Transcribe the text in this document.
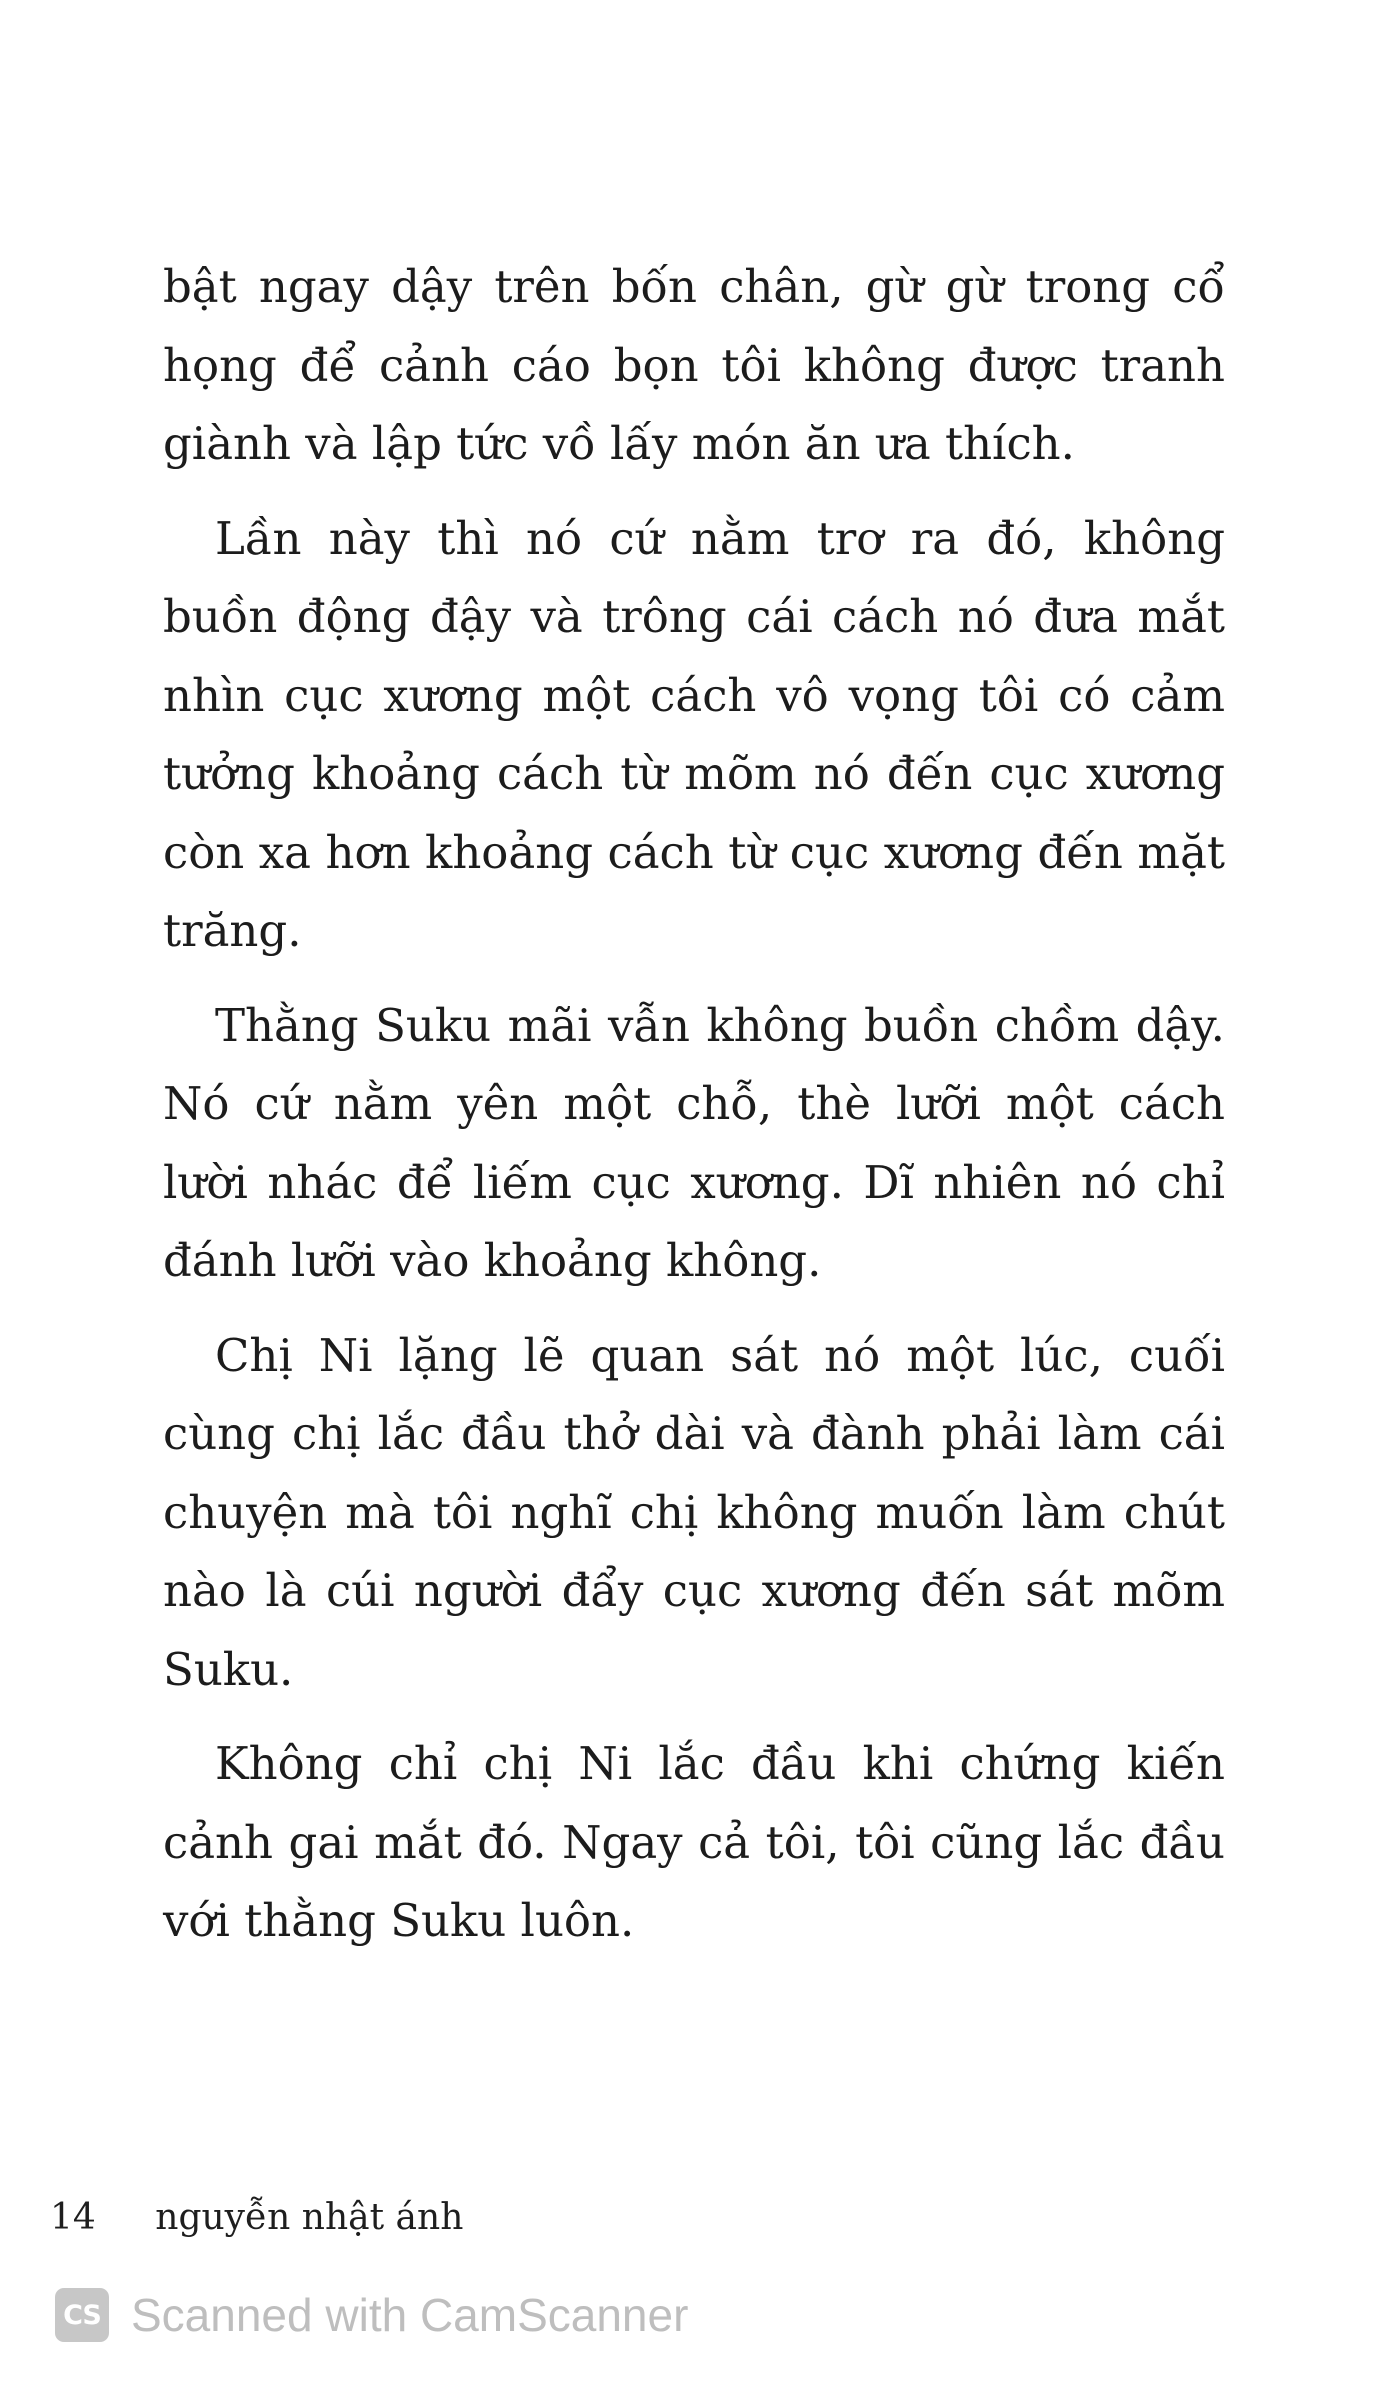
bật ngay dậy trên bốn chân, gừ gừ trong cổ họng để cảnh cáo bọn tôi không được tranh giành và lập tức vồ lấy món ăn ưa thích.

Lần này thì nó cứ nằm trơ ra đó, không buồn động đậy và trông cái cách nó đưa mắt nhìn cục xương một cách vô vọng tôi có cảm tưởng khoảng cách từ mõm nó đến cục xương còn xa hơn khoảng cách từ cục xương đến mặt trăng.

Thằng Suku mãi vẫn không buồn chồm dậy. Nó cứ nằm yên một chỗ, thè lưỡi một cách lười nhác để liếm cục xương. Dĩ nhiên nó chỉ đánh lưỡi vào khoảng không.

Chị Ni lặng lẽ quan sát nó một lúc, cuối cùng chị lắc đầu thở dài và đành phải làm cái chuyện mà tôi nghĩ chị không muốn làm chút nào là cúi người đẩy cục xương đến sát mõm Suku.

Không chỉ chị Ni lắc đầu khi chứng kiến cảnh gai mắt đó. Ngay cả tôi, tôi cũng lắc đầu với thằng Suku luôn.

14 nguyễn nhật ánh
CS Scanned with CamScanner
